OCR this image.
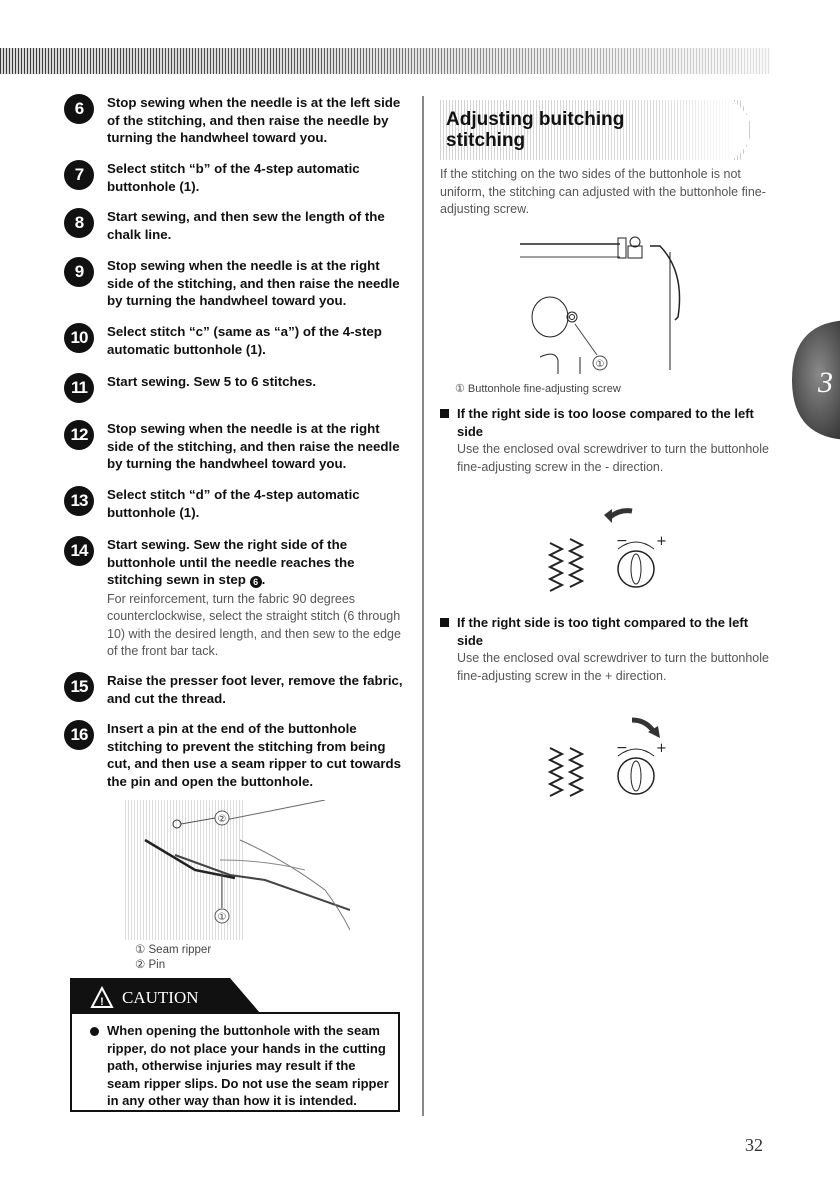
6	Stop sewing when the needle is at the left side of the stitching, and then raise the needle by turning the handwheel toward you.
7	Select stitch “b” of the 4-step automatic buttonhole (1).
8	Start sewing, and then sew the length of the chalk line.
9	Stop sewing when the needle is at the right side of the stitching, and then raise the needle by turning the handwheel toward you.
10	Select stitch “c” (same as “a”) of the 4-step automatic buttonhole (1).
11	Start sewing. Sew 5 to 6 stitches.
12	Stop sewing when the needle is at the right side of the stitching, and then raise the needle by turning the handwheel toward you.
13	Select stitch “d” of the 4-step automatic buttonhole (1).
14	Start sewing. Sew the right side of the buttonhole until the needle reaches the stitching sewn in step 6 .
For reinforcement, turn the fabric 90 degrees counterclockwise, select the straight stitch (6 through 10) with the desired length, and then sew to the edge of the front bar tack.
15	Raise the presser foot lever, remove the fabric, and cut the thread.
16	Insert a pin at the end of the buttonhole stitching to prevent the stitching from being cut, and then use a seam ripper to cut towards the pin and open the buttonhole.
②
①
① Seam ripper
② Pin
! CAUTION
When opening the buttonhole with the seam ripper, do not place your hands in the cutting path, otherwise injuries may result if the seam ripper slips. Do not use the seam ripper in any other way than how it is intended.
Adjusting buitching
stitching
If the stitching on the two sides of the buttonhole is not uniform, the stitching can adjusted with the buttonhole fine-adjusting screw.
①
① Buttonhole fine-adjusting screw
If the right side is too loose compared to the left side
Use the enclosed oval screwdriver to turn the buttonhole fine-adjusting screw in the - direction.
− +
If the right side is too tight compared to the left side
Use the enclosed oval screwdriver to turn the buttonhole fine-adjusting screw in the + direction.
− +
3
32
